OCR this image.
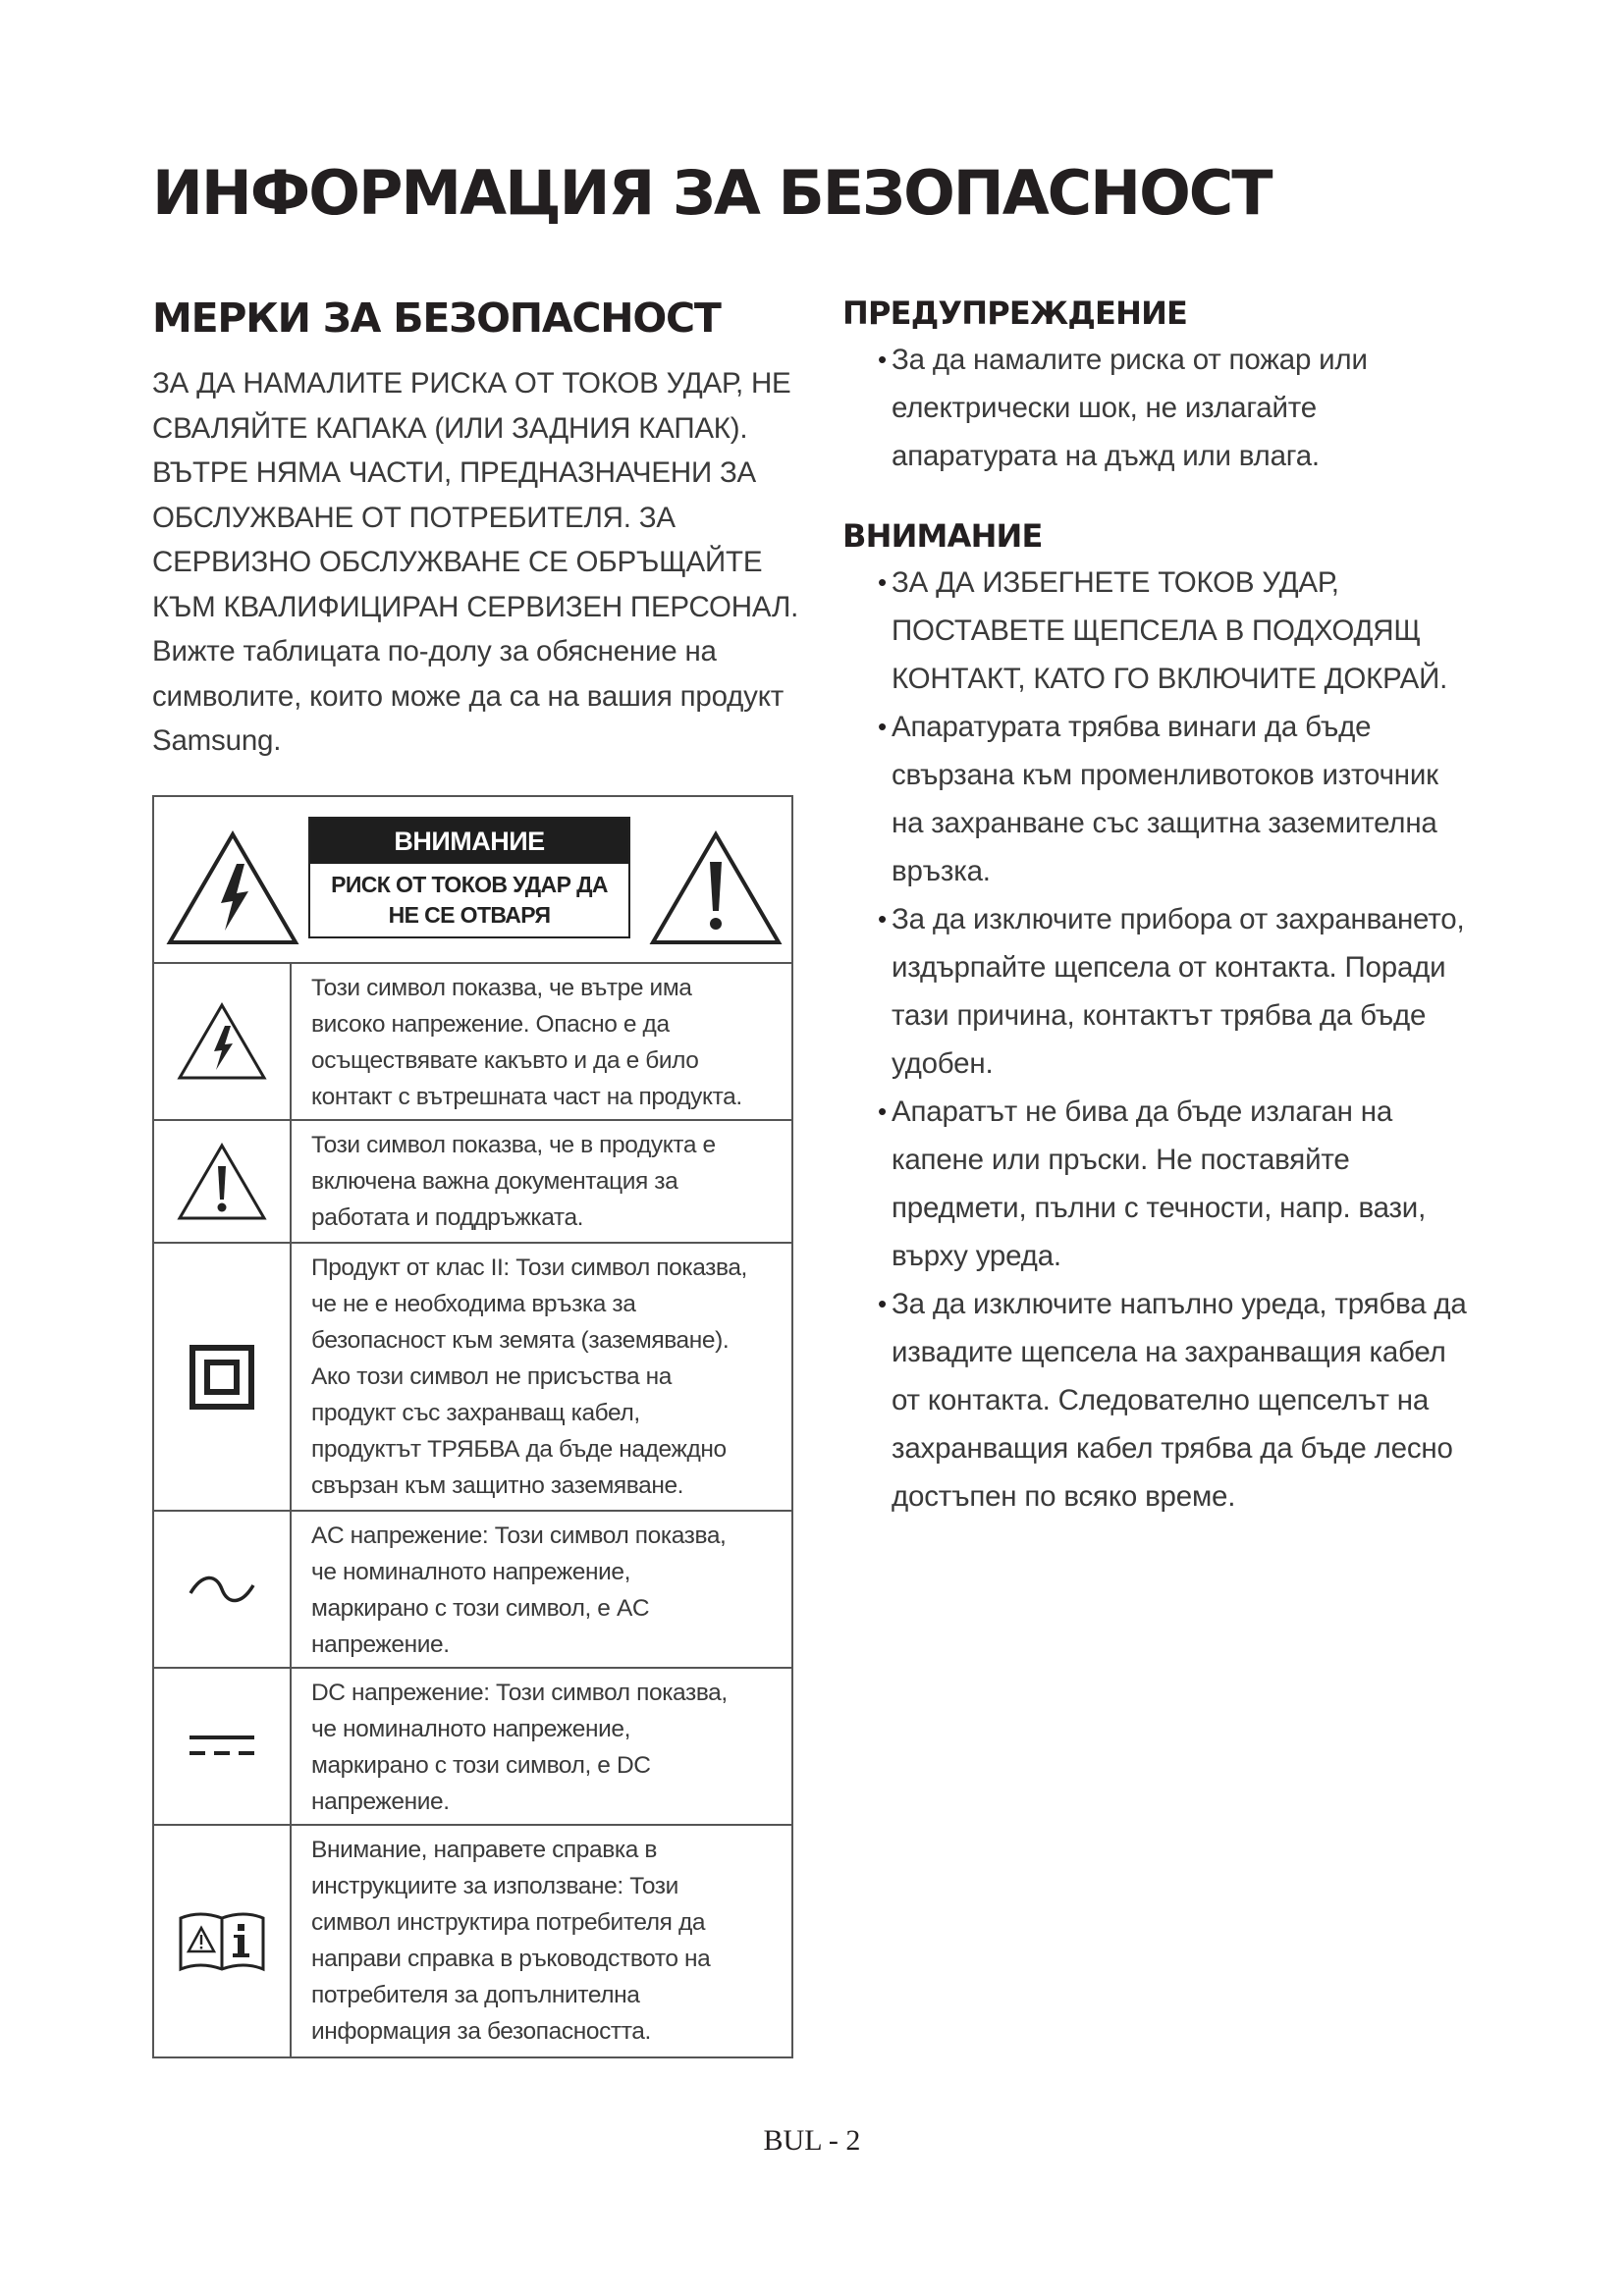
ИНФОРМАЦИЯ ЗА БЕЗОПАСНОСТ
МЕРКИ ЗА БЕЗОПАСНОСТ
ЗА ДА НАМАЛИТЕ РИСКА ОТ ТОКОВ УДАР, НЕ
СВАЛЯЙТЕ КАПАКА (ИЛИ ЗАДНИЯ КАПАК).
ВЪТРЕ НЯМА ЧАСТИ, ПРЕДНАЗНАЧЕНИ ЗА
ОБСЛУЖВАНЕ ОТ ПОТРЕБИТЕЛЯ. ЗА
СЕРВИЗНО ОБСЛУЖВАНЕ СЕ ОБРЪЩАЙТЕ
КЪМ КВАЛИФИЦИРАН СЕРВИЗЕН ПЕРСОНАЛ.
Вижте таблицата по-долу за обяснение на
символите, които може да са на вашия продукт
Samsung.
ВНИМАНИЕ
РИСК ОТ ТОКОВ УДАР ДА
НЕ СЕ ОТВАРЯ
Този символ показва, че вътре има
високо напрежение. Опасно е да
осъществявате какъвто и да е било
контакт с вътрешната част на продукта.
Този символ показва, че в продукта е
включена важна документация за
работата и поддръжката.
Продукт от клас II: Този символ показва,
че не е необходима връзка за
безопасност към земята (заземяване).
Ако този символ не присъства на
продукт със захранващ кабел,
продуктът ТРЯБВА да бъде надеждно
свързан към защитно заземяване.
AC напрежение: Този символ показва,
че номиналното напрежение,
маркирано с този символ, е AC
напрежение.
DC напрежение: Този символ показва,
че номиналното напрежение,
маркирано с този символ, е DC
напрежение.
Внимание, направете справка в
инструкциите за използване: Този
символ инструктира потребителя да
направи справка в ръководството на
потребителя за допълнителна
информация за безопасността.
ПРЕДУПРЕЖДЕНИЕ
• За да намалите риска от пожар или
електрически шок, не излагайте
апаратурата на дъжд или влага.
ВНИМАНИЕ
• ЗА ДА ИЗБЕГНЕТЕ ТОКОВ УДАР,
ПОСТАВЕТЕ ЩЕПСЕЛА В ПОДХОДЯЩ
КОНТАКТ, КАТО ГО ВКЛЮЧИТЕ ДОКРАЙ.
• Апаратурата трябва винаги да бъде
свързана към променливотоков източник
на захранване със защитна заземителна
връзка.
• За да изключите прибора от захранването,
издърпайте щепсела от контакта. Поради
тази причина, контактът трябва да бъде
удобен.
• Апаратът не бива да бъде излаган на
капене или пръски. Не поставяйте
предмети, пълни с течности, напр. вази,
върху уреда.
• За да изключите напълно уреда, трябва да
извадите щепсела на захранващия кабел
от контакта. Следователно щепселът на
захранващия кабел трябва да бъде лесно
достъпен по всяко време.
BUL - 2
